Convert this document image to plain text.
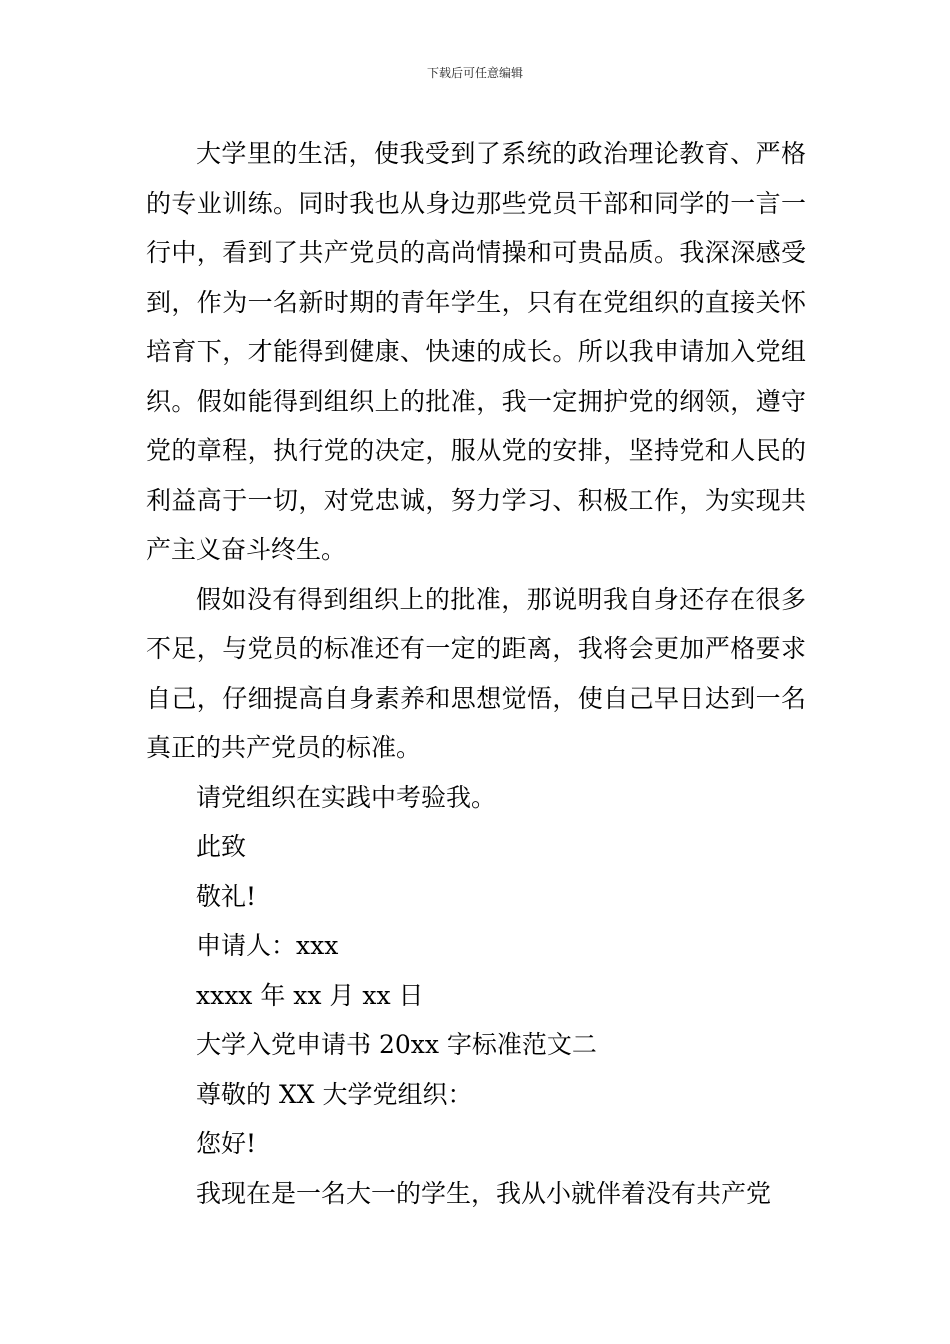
下载后可任意编辑

大学里的生活，使我受到了系统的政治理论教育、严格的专业训练。同时我也从身边那些党员干部和同学的一言一行中，看到了共产党员的高尚情操和可贵品质。我深深感受到，作为一名新时期的青年学生，只有在党组织的直接关怀培育下，才能得到健康、快速的成长。所以我申请加入党组织。假如能得到组织上的批准，我一定拥护党的纲领，遵守党的章程，执行党的决定，服从党的安排，坚持党和人民的利益高于一切，对党忠诚，努力学习、积极工作，为实现共产主义奋斗终生。

假如没有得到组织上的批准，那说明我自身还存在很多不足，与党员的标准还有一定的距离，我将会更加严格要求自己，仔细提高自身素养和思想觉悟，使自己早日达到一名真正的共产党员的标准。

请党组织在实践中考验我。

此致

敬礼!

申请人：xxx

xxxx 年 xx 月 xx 日

大学入党申请书 20xx 字标准范文二

尊敬的 XX 大学党组织：

您好!

我现在是一名大一的学生，我从小就伴着没有共产党
